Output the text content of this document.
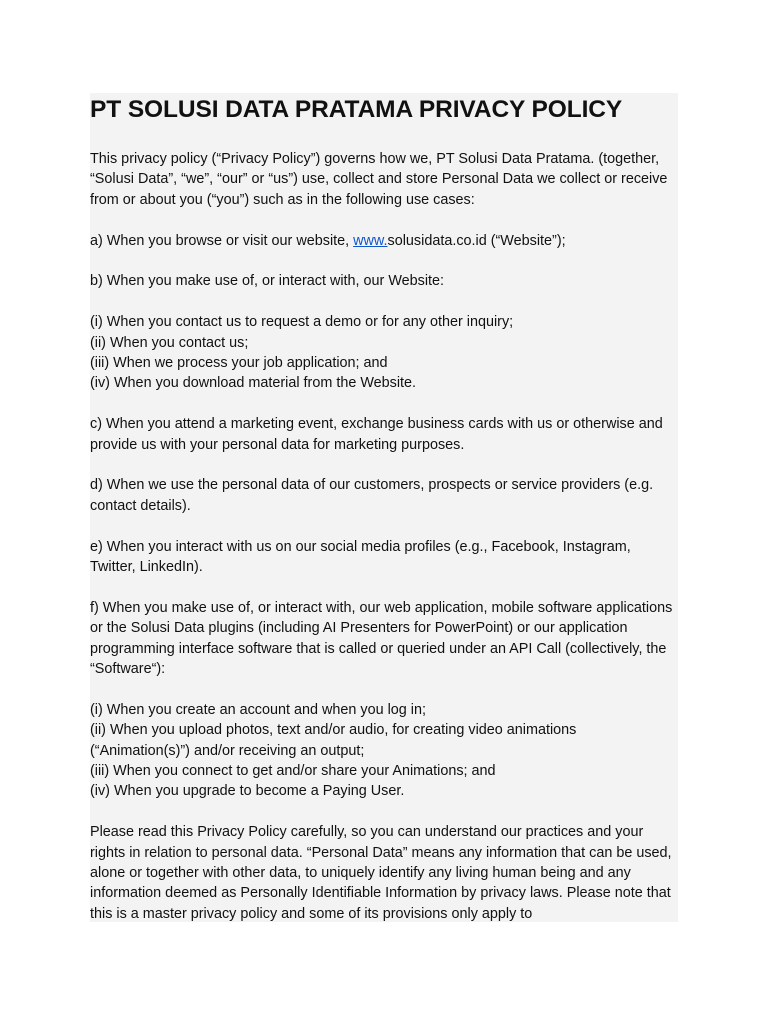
PT SOLUSI DATA PRATAMA PRIVACY POLICY

This privacy policy (“Privacy Policy”) governs how we, PT Solusi Data Pratama. (together, “Solusi Data”, “we”, “our” or “us”) use, collect and store Personal Data we collect or receive from or about you (“you”) such as in the following use cases:

a) When you browse or visit our website, www.solusidata.co.id (“Website”);

b) When you make use of, or interact with, our Website:

(i) When you contact us to request a demo or for any other inquiry;
(ii) When you contact us;
(iii) When we process your job application; and
(iv) When you download material from the Website.

c) When you attend a marketing event, exchange business cards with us or otherwise and provide us with your personal data for marketing purposes.

d) When we use the personal data of our customers, prospects or service providers (e.g. contact details).

e) When you interact with us on our social media profiles (e.g., Facebook, Instagram, Twitter, LinkedIn).

f) When you make use of, or interact with, our web application, mobile software applications or the Solusi Data plugins (including AI Presenters for PowerPoint) or our application programming interface software that is called or queried under an API Call (collectively, the “Software“):

(i) When you create an account and when you log in;
(ii) When you upload photos, text and/or audio, for creating video animations (“Animation(s)”) and/or receiving an output;
(iii) When you connect to get and/or share your Animations; and
(iv) When you upgrade to become a Paying User.

Please read this Privacy Policy carefully, so you can understand our practices and your rights in relation to personal data. “Personal Data” means any information that can be used, alone or together with other data, to uniquely identify any living human being and any information deemed as Personally Identifiable Information by privacy laws. Please note that this is a master privacy policy and some of its provisions only apply to
